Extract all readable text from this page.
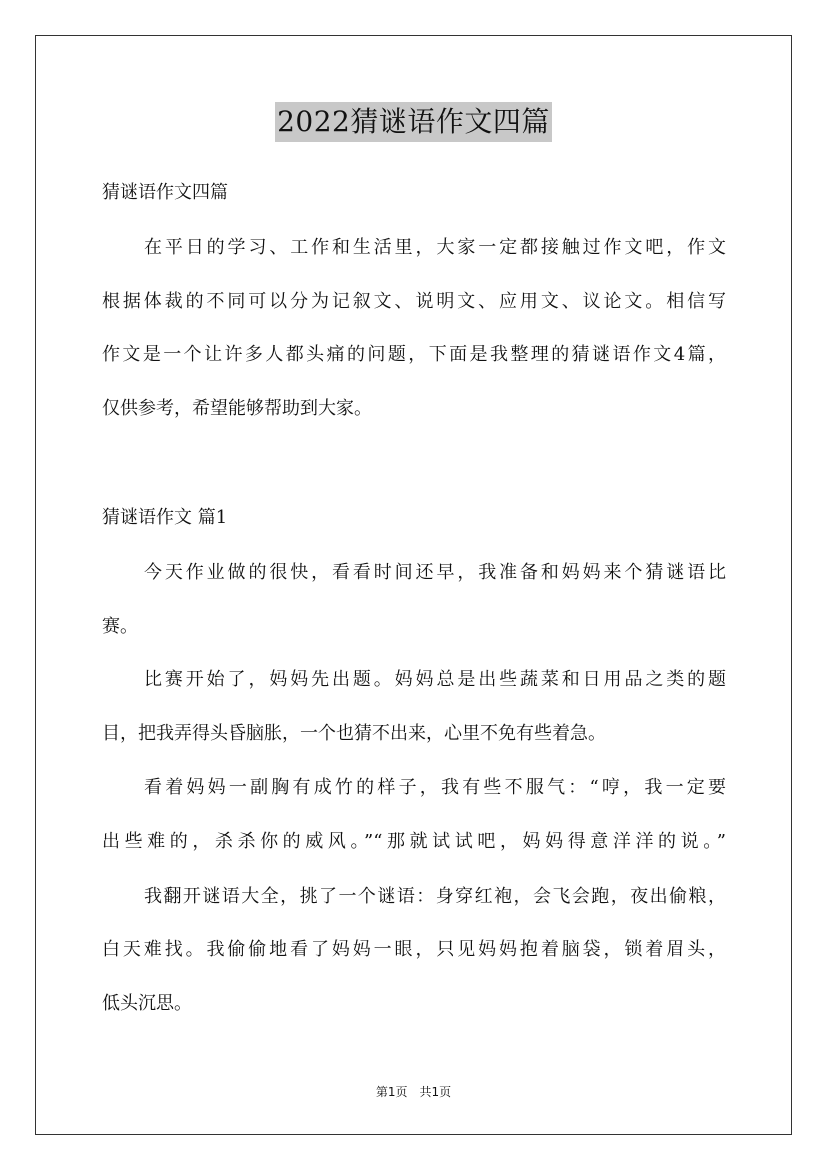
2022猜谜语作文四篇
猜谜语作文四篇
在平日的学习、工作和生活里，大家一定都接触过作文吧，作文
根据体裁的不同可以分为记叙文、说明文、应用文、议论文。相信写
作文是一个让许多人都头痛的问题，下面是我整理的猜谜语作文4篇，
仅供参考，希望能够帮助到大家。
猜谜语作文 篇1
今天作业做的很快，看看时间还早，我准备和妈妈来个猜谜语比
赛。
比赛开始了，妈妈先出题。妈妈总是出些蔬菜和日用品之类的题
目，把我弄得头昏脑胀，一个也猜不出来，心里不免有些着急。
看着妈妈一副胸有成竹的样子，我有些不服气：“哼，我一定要
出些难的，杀杀你的威风。”“那就试试吧，妈妈得意洋洋的说。”
我翻开谜语大全，挑了一个谜语：身穿红袍，会飞会跑，夜出偷粮，
白天难找。我偷偷地看了妈妈一眼，只见妈妈抱着脑袋，锁着眉头，
低头沉思。
第1页 共1页
